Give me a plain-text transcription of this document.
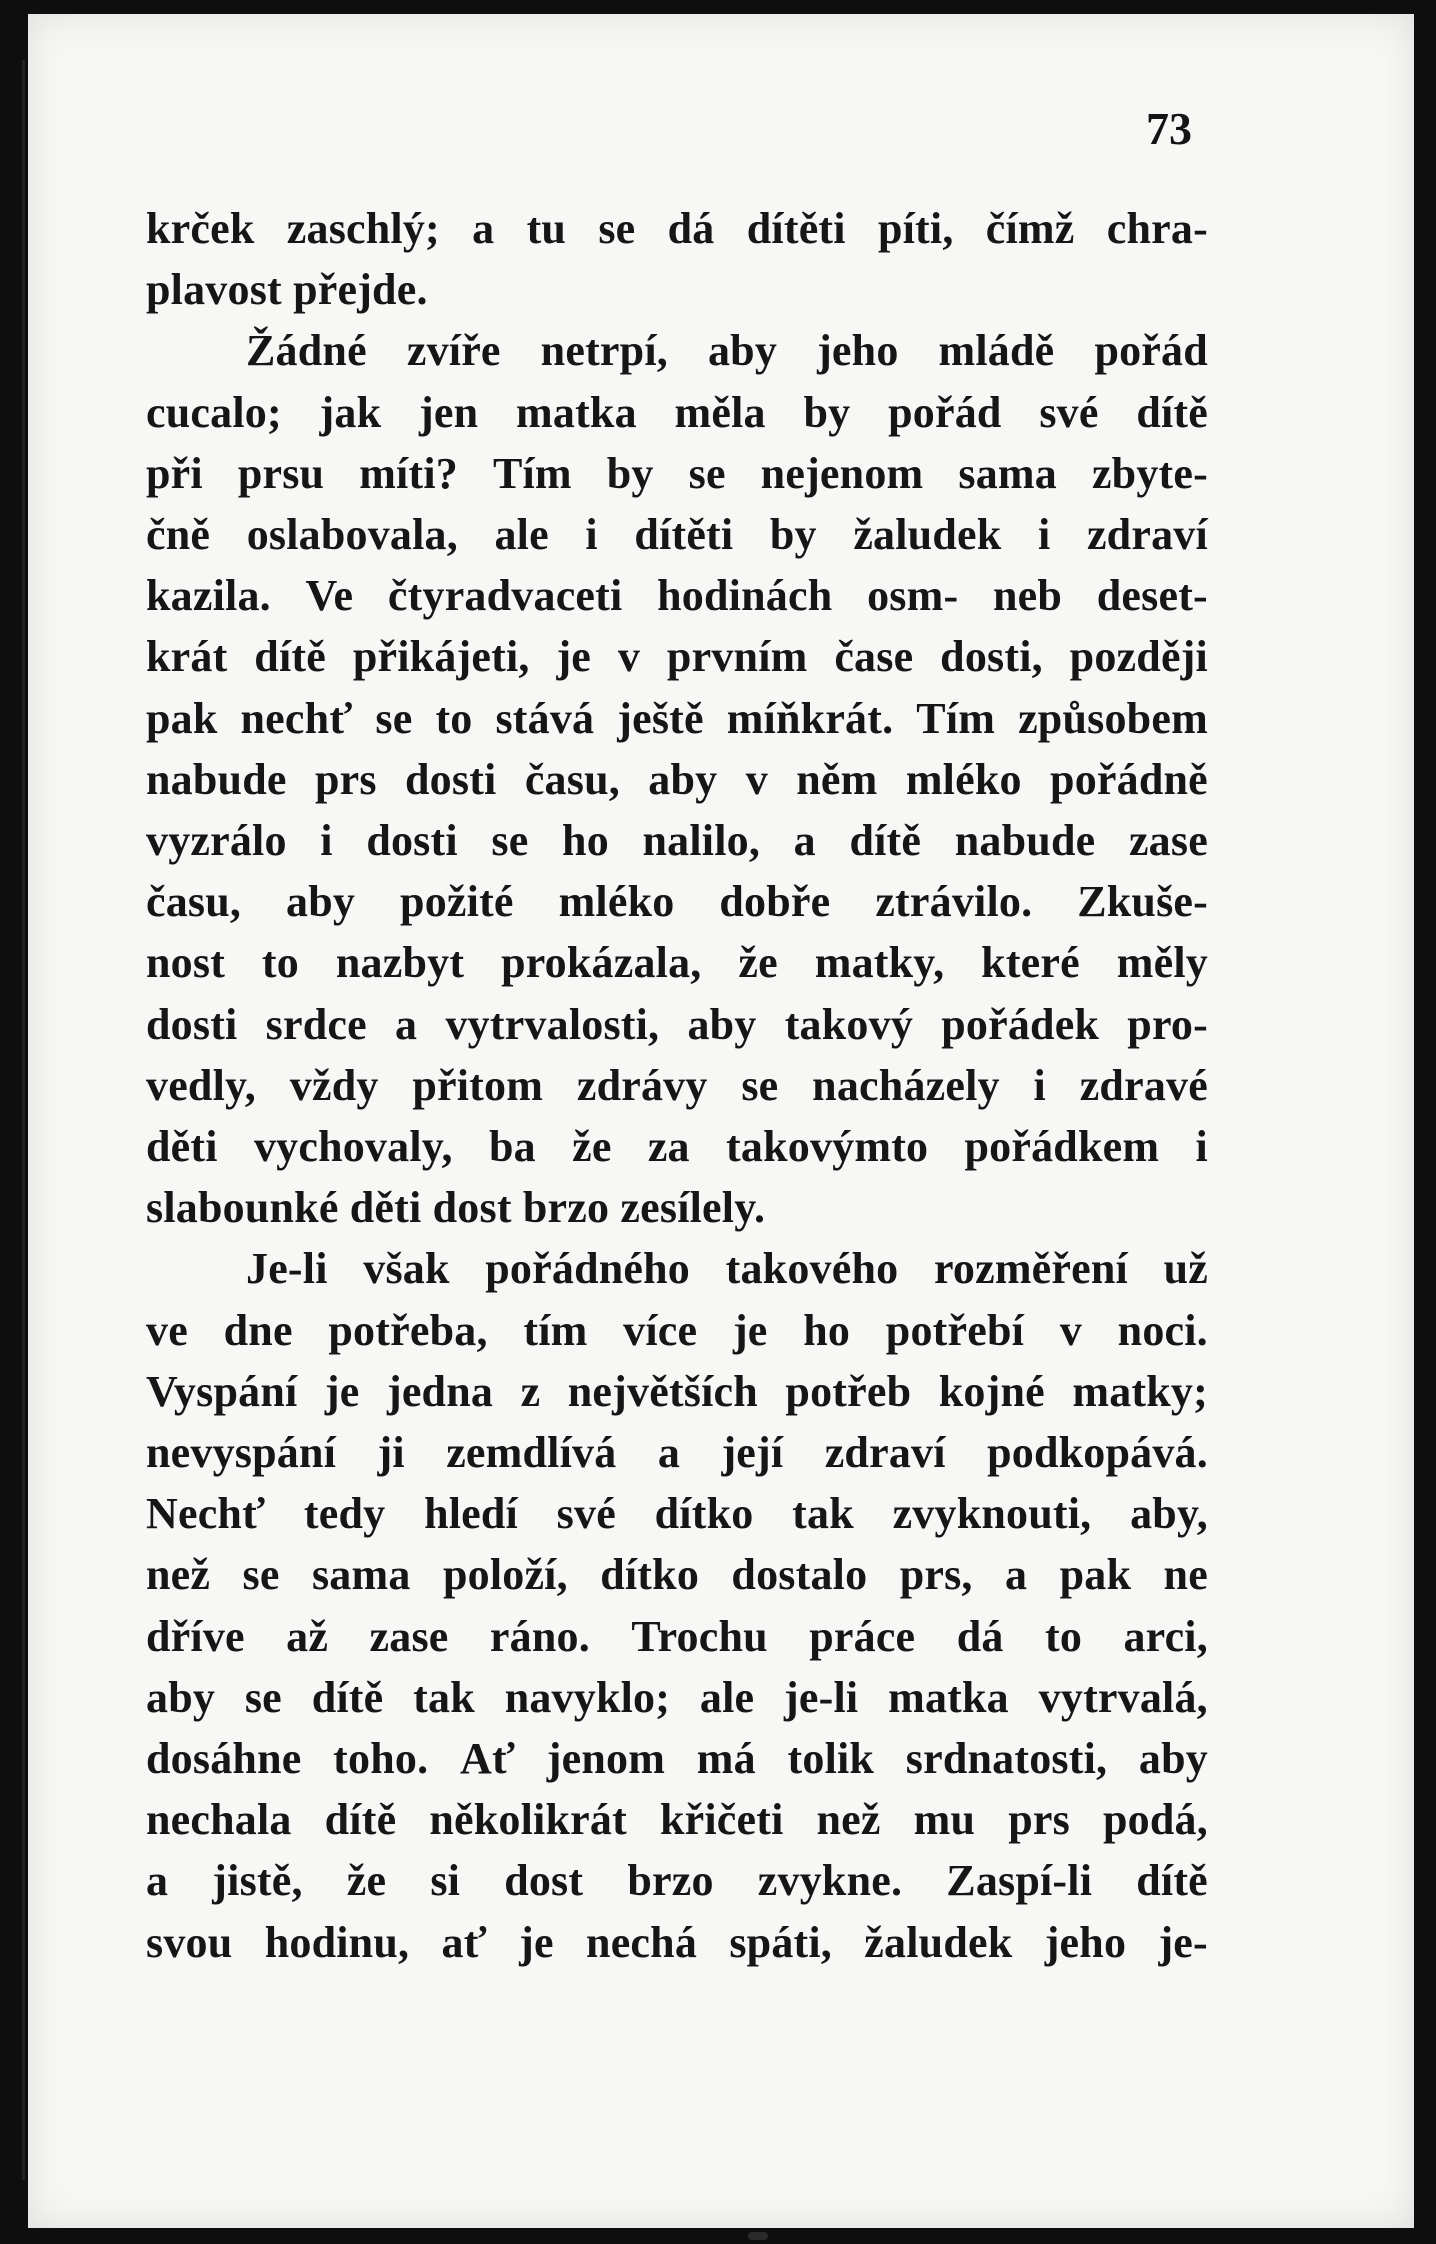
73
krček zaschlý; a tu se dá dítěti píti, čímž chra-
plavost přejde.
Žádné zvíře netrpí, aby jeho mládě pořád
cucalo; jak jen matka měla by pořád své dítě
při prsu míti? Tím by se nejenom sama zbyte-
čně oslabovala, ale i dítěti by žaludek i zdraví
kazila. Ve čtyradvaceti hodinách osm- neb deset-
krát dítě přikájeti, je v prvním čase dosti, později
pak nechť se to stává ještě míňkrát. Tím způsobem
nabude prs dosti času, aby v něm mléko pořádně
vyzrálo i dosti se ho nalilo, a dítě nabude zase
času, aby požité mléko dobře ztrávilo. Zkuše-
nost to nazbyt prokázala, že matky, které měly
dosti srdce a vytrvalosti, aby takový pořádek pro-
vedly, vždy přitom zdrávy se nacházely i zdravé
děti vychovaly, ba že za takovýmto pořádkem i
slabounké děti dost brzo zesílely.
Je-li však pořádného takového rozměření už
ve dne potřeba, tím více je ho potřebí v noci.
Vyspání je jedna z největších potřeb kojné matky;
nevyspání ji zemdlívá a její zdraví podkopává.
Nechť tedy hledí své dítko tak zvyknouti, aby,
než se sama položí, dítko dostalo prs, a pak ne
dříve až zase ráno. Trochu práce dá to arci,
aby se dítě tak navyklo; ale je-li matka vytrvalá,
dosáhne toho. Ať jenom má tolik srdnatosti, aby
nechala dítě několikrát křičeti než mu prs podá,
a jistě, že si dost brzo zvykne. Zaspí-li dítě
svou hodinu, ať je nechá spáti, žaludek jeho je-
